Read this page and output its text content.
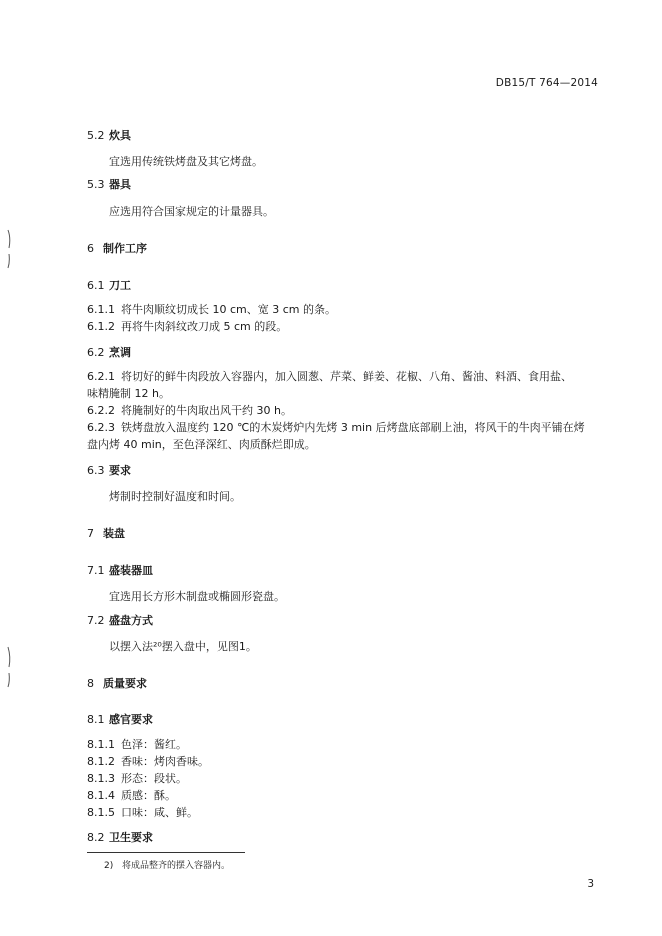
DB15/T 764—2014
5.2 炊具
宜选用传统铁烤盘及其它烤盘。
5.3 器具
应选用符合国家规定的计量器具。
6 制作工序
6.1 刀工
6.1.1 将牛肉顺纹切成长 10 cm、宽 3 cm 的条。
6.1.2 再将牛肉斜纹改刀成 5 cm 的段。
6.2 烹调
6.2.1 将切好的鲜牛肉段放入容器内，加入圆葱、芹菜、鲜姜、花椒、八角、酱油、料酒、食用盐、
味精腌制 12 h。
6.2.2 将腌制好的牛肉取出风干约 30 h。
6.2.3 铁烤盘放入温度约 120 ℃的木炭烤炉内先烤 3 min 后烤盘底部刷上油，将风干的牛肉平铺在烤
盘内烤 40 min，至色泽深红、肉质酥烂即成。
6.3 要求
烤制时控制好温度和时间。
7 装盘
7.1 盛装器皿
宜选用长方形木制盘或椭圆形瓷盘。
7.2 盛盘方式
以摆入法²⁰摆入盘中，见图1。
8 质量要求
8.1 感官要求
8.1.1 色泽：酱红。
8.1.2 香味：烤肉香味。
8.1.3 形态：段状。
8.1.4 质感：酥。
8.1.5 口味：咸、鲜。
8.2 卫生要求
2) 将成品整齐的摆入容器内。
3
